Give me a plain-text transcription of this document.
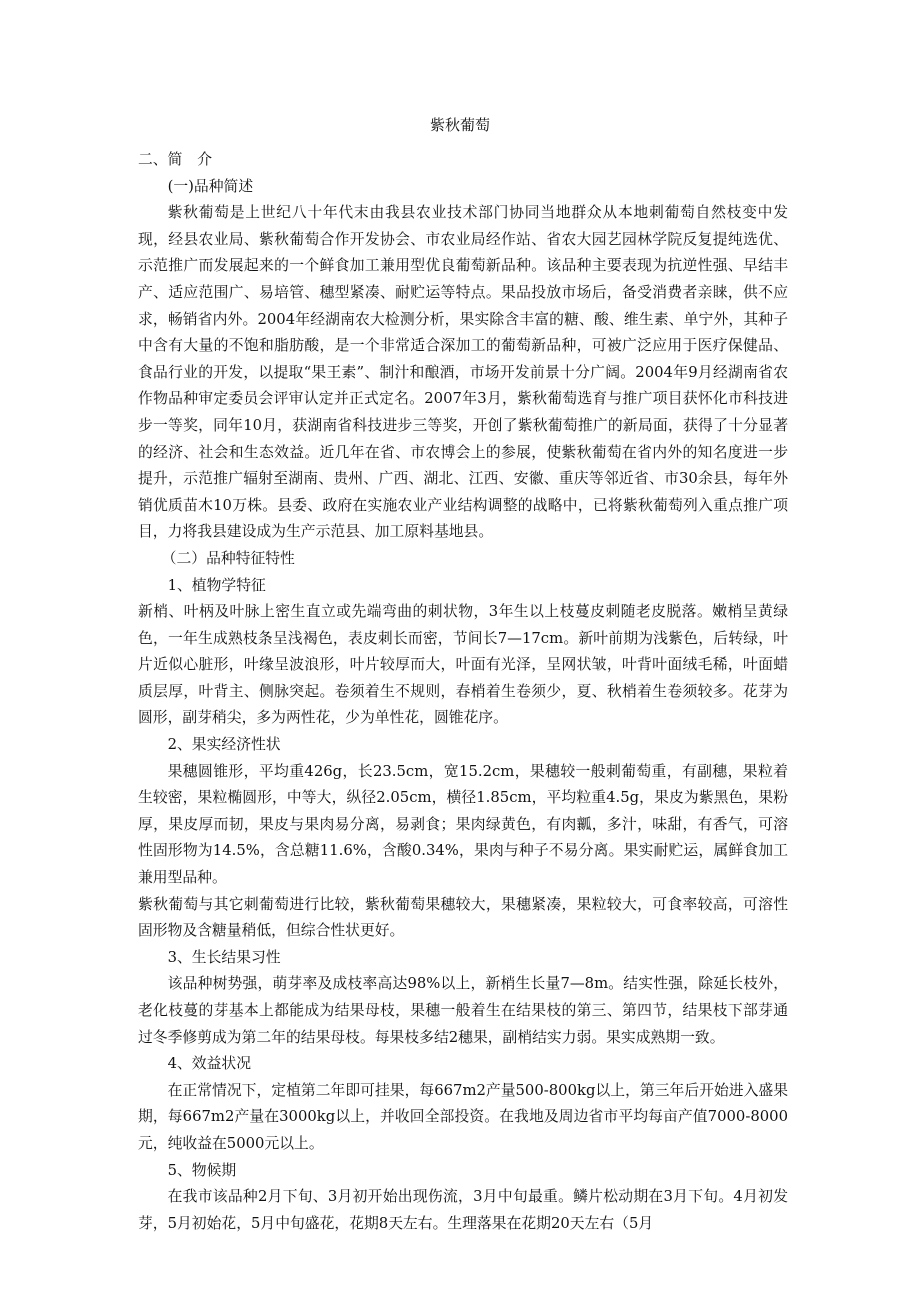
紫秋葡萄

二、简　介

(一)品种简述

紫秋葡萄是上世纪八十年代末由我县农业技术部门协同当地群众从本地刺葡萄自然枝变中发现，经县农业局、紫秋葡萄合作开发协会、市农业局经作站、省农大园艺园林学院反复提纯选优、示范推广而发展起来的一个鲜食加工兼用型优良葡萄新品种。该品种主要表现为抗逆性强、早结丰产、适应范围广、易培管、穗型紧凑、耐贮运等特点。果品投放市场后，备受消费者亲睐，供不应求，畅销省内外。2004年经湖南农大检测分析，果实除含丰富的糖、酸、维生素、单宁外，其种子中含有大量的不饱和脂肪酸，是一个非常适合深加工的葡萄新品种，可被广泛应用于医疗保健品、食品行业的开发，以提取“果王素”、制汁和酿酒，市场开发前景十分广阔。2004年9月经湖南省农作物品种审定委员会评审认定并正式定名。2007年3月，紫秋葡萄选育与推广项目获怀化市科技进步一等奖，同年10月，获湖南省科技进步三等奖，开创了紫秋葡萄推广的新局面，获得了十分显著的经济、社会和生态效益。近几年在省、市农博会上的参展，使紫秋葡萄在省内外的知名度进一步提升，示范推广辐射至湖南、贵州、广西、湖北、江西、安徽、重庆等邻近省、市30余县，每年外销优质苗木10万株。县委、政府在实施农业产业结构调整的战略中，已将紫秋葡萄列入重点推广项目，力将我县建设成为生产示范县、加工原料基地县。

（二）品种特征特性

1、植物学特征

新梢、叶柄及叶脉上密生直立或先端弯曲的刺状物，3年生以上枝蔓皮刺随老皮脱落。嫩梢呈黄绿色，一年生成熟枝条呈浅褐色，表皮刺长而密，节间长7—17cm。新叶前期为浅紫色，后转绿，叶片近似心脏形，叶缘呈波浪形，叶片较厚而大，叶面有光泽，呈网状皱，叶背叶面绒毛稀，叶面蜡质层厚，叶背主、侧脉突起。卷须着生不规则，春梢着生卷须少，夏、秋梢着生卷须较多。花芽为圆形，副芽稍尖，多为两性花，少为单性花，圆锥花序。

2、果实经济性状

果穗圆锥形，平均重426g，长23.5cm，宽15.2cm，果穗较一般刺葡萄重，有副穗，果粒着生较密，果粒椭圆形，中等大，纵径2.05cm，横径1.85cm，平均粒重4.5g，果皮为紫黑色，果粉厚，果皮厚而韧，果皮与果肉易分离，易剥食；果肉绿黄色，有肉瓤，多汁，味甜，有香气，可溶性固形物为14.5%，含总糖11.6%，含酸0.34%，果肉与种子不易分离。果实耐贮运，属鲜食加工兼用型品种。

紫秋葡萄与其它刺葡萄进行比较，紫秋葡萄果穗较大，果穗紧凑，果粒较大，可食率较高，可溶性固形物及含糖量稍低，但综合性状更好。

3、生长结果习性

该品种树势强，萌芽率及成枝率高达98%以上，新梢生长量7—8m。结实性强，除延长枝外，老化枝蔓的芽基本上都能成为结果母枝，果穗一般着生在结果枝的第三、第四节，结果枝下部芽通过冬季修剪成为第二年的结果母枝。每果枝多结2穗果，副梢结实力弱。果实成熟期一致。

4、效益状况

在正常情况下，定植第二年即可挂果，每667m2产量500-800kg以上，第三年后开始进入盛果期，每667m2产量在3000kg以上，并收回全部投资。在我地及周边省市平均每亩产值7000-8000元，纯收益在5000元以上。

5、物候期

在我市该品种2月下旬、3月初开始出现伤流，3月中旬最重。鳞片松动期在3月下旬。4月初发芽，5月初始花，5月中旬盛花，花期8天左右。生理落果在花期20天左右（5月
